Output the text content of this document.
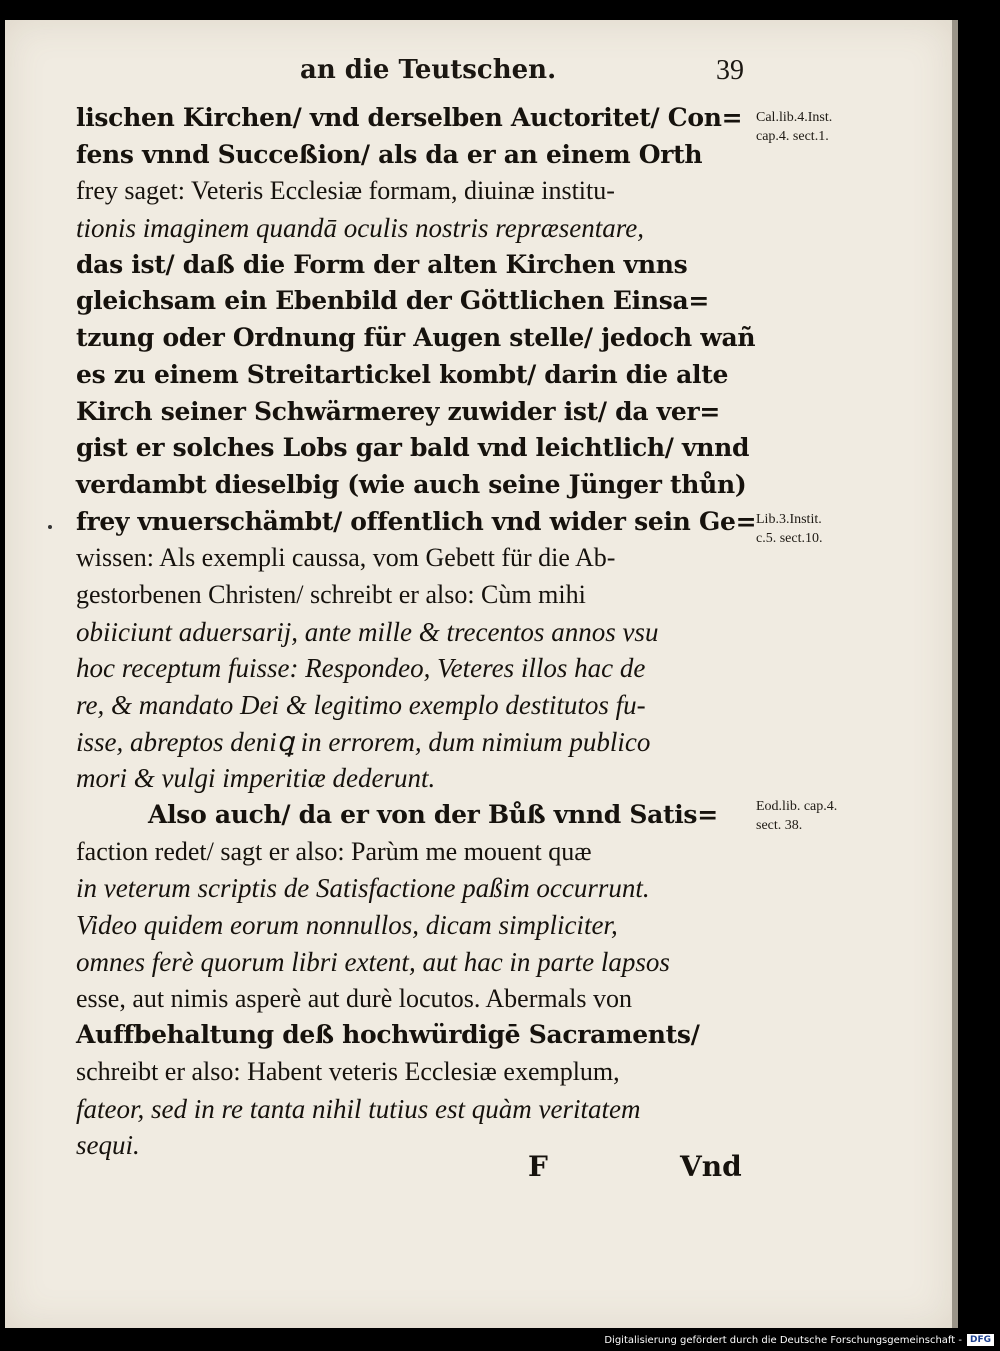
an die Teutschen.	39
lischen Kirchen/ vnd derselben Auctoritet/ Con=
fens vnnd Succeßion/ als da er an einem Orth
frey saget: Veteris Ecclesiæ formam, diuinæ institu-
tionis imaginem quandā oculis nostris repræsentare,
das ist/ daß die Form der alten Kirchen vnns
gleichsam ein Ebenbild der Göttlichen Einsa=
tzung oder Ordnung für Augen stelle/ jedoch wañ
es zu einem Streitartickel kombt/ darin die alte
Kirch seiner Schwärmerey zuwider ist/ da ver=
gist er solches Lobs gar bald vnd leichtlich/ vnnd
verdambt dieselbig (wie auch seine Jünger thůn)
frey vnuerschämbt/ offentlich vnd wider sein Ge=
wissen: Als exempli caussa, vom Gebett für die Ab-
gestorbenen Christen/ schreibt er also: Cùm mihi
obiiciunt aduersarij, ante mille & trecentos annos vsu
hoc receptum fuisse: Respondeo, Veteres illos hac de
re, & mandato Dei & legitimo exemplo destitutos fu-
isse, abreptos deniꝗ in errorem, dum nimium publico
mori & vulgi imperitiæ dederunt.
Also auch/ da er von der Bůß vnnd Satis=
faction redet/ sagt er also: Parùm me mouent quæ
in veterum scriptis de Satisfactione paßim occurrunt.
Video quidem eorum nonnullos, dicam simpliciter,
omnes ferè quorum libri extent, aut hac in parte lapsos
esse, aut nimis asperè aut durè locutos. Abermals von
Auffbehaltung deß hochwürdigē Sacraments/
schreibt er also: Habent veteris Ecclesiæ exemplum,
fateor, sed in re tanta nihil tutius est quàm veritatem
sequi.
Cal.lib.4.Inst.
cap.4. sect.1.
Lib.3.Instit.
c.5. sect.10.
Eod.lib. cap.4.
sect. 38.
F	Vnd
Digitalisierung gefördert durch die Deutsche Forschungsgemeinschaft - DFG
